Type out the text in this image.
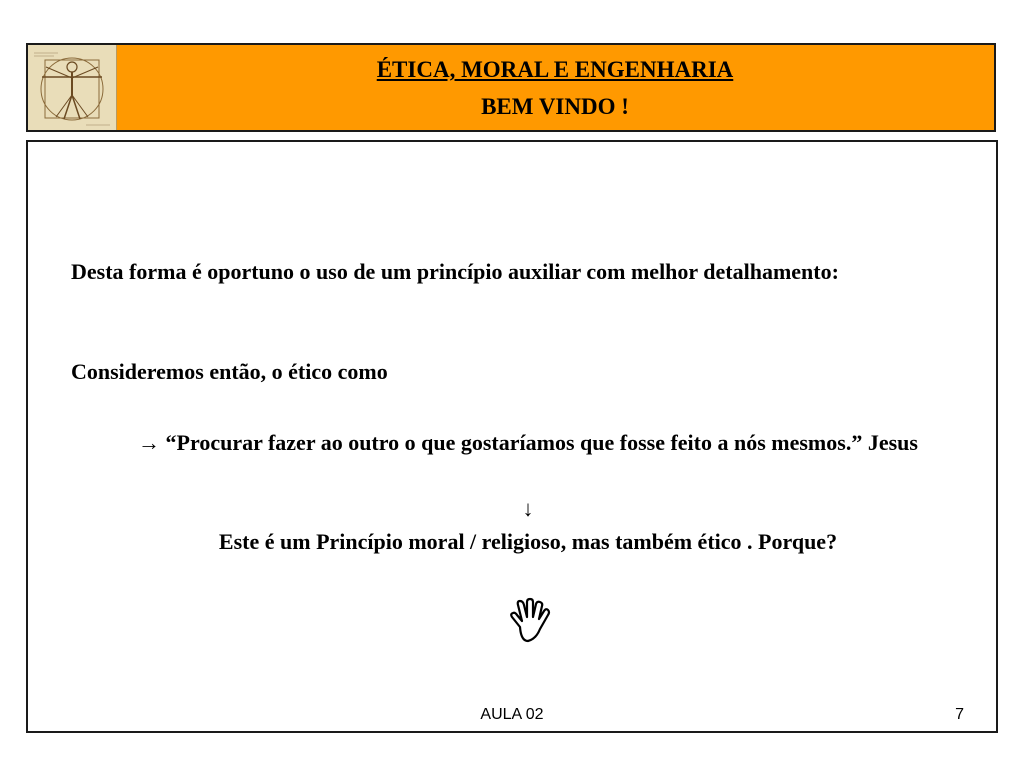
ÉTICA, MORAL E ENGENHARIA
BEM VINDO !
Desta forma é oportuno o uso de um princípio auxiliar com melhor detalhamento:
Consideremos então, o ético como
→ “Procurar fazer ao outro o que gostaríamos que fosse feito a nós mesmos.” Jesus
↓
Este é um Princípio moral / religioso, mas também ético . Porque?
AULA 02	7
